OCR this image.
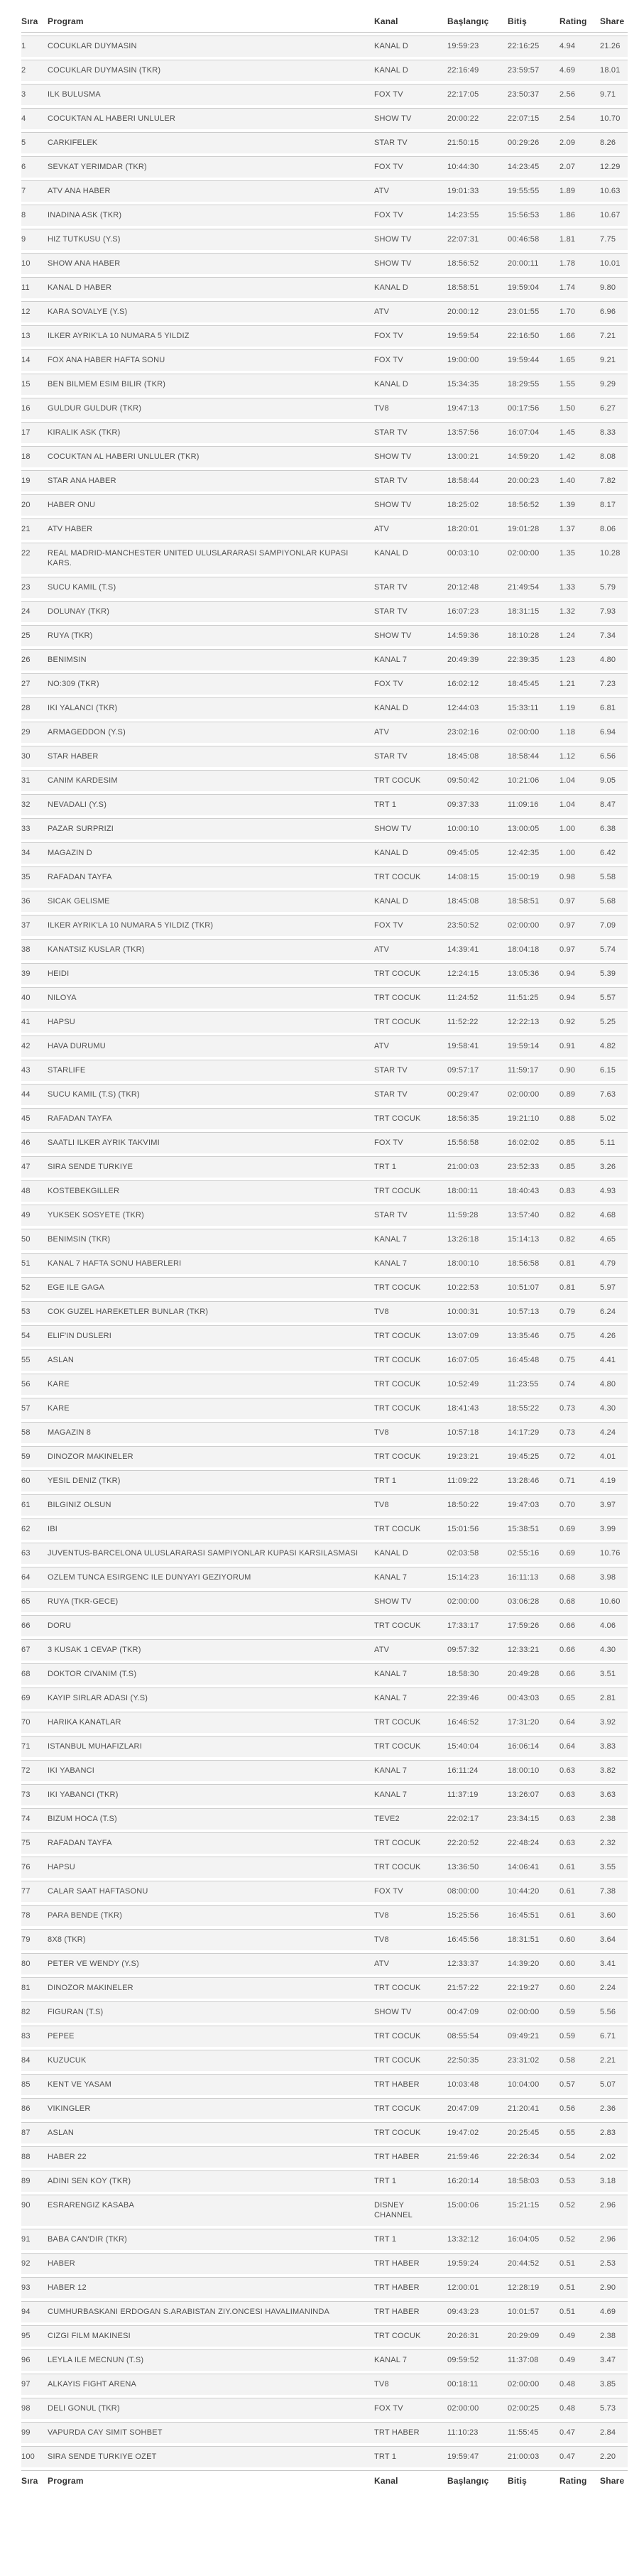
Sıra	Program	Kanal	Başlangıç	Bitiş	Rating	Share
1	COCUKLAR DUYMASIN	KANAL D	19:59:23	22:16:25	4.94	21.26
2	COCUKLAR DUYMASIN (TKR)	KANAL D	22:16:49	23:59:57	4.69	18.01
3	ILK BULUSMA	FOX TV	22:17:05	23:50:37	2.56	9.71
4	COCUKTAN AL HABERI UNLULER	SHOW TV	20:00:22	22:07:15	2.54	10.70
5	CARKIFELEK	STAR TV	21:50:15	00:29:26	2.09	8.26
6	SEVKAT YERIMDAR (TKR)	FOX TV	10:44:30	14:23:45	2.07	12.29
7	ATV ANA HABER	ATV	19:01:33	19:55:55	1.89	10.63
8	INADINA ASK (TKR)	FOX TV	14:23:55	15:56:53	1.86	10.67
9	HIZ TUTKUSU (Y.S)	SHOW TV	22:07:31	00:46:58	1.81	7.75
10	SHOW ANA HABER	SHOW TV	18:56:52	20:00:11	1.78	10.01
11	KANAL D HABER	KANAL D	18:58:51	19:59:04	1.74	9.80
12	KARA SOVALYE (Y.S)	ATV	20:00:12	23:01:55	1.70	6.96
13	ILKER AYRIK'LA 10 NUMARA 5 YILDIZ	FOX TV	19:59:54	22:16:50	1.66	7.21
14	FOX ANA HABER HAFTA SONU	FOX TV	19:00:00	19:59:44	1.65	9.21
15	BEN BILMEM ESIM BILIR (TKR)	KANAL D	15:34:35	18:29:55	1.55	9.29
16	GULDUR GULDUR (TKR)	TV8	19:47:13	00:17:56	1.50	6.27
17	KIRALIK ASK (TKR)	STAR TV	13:57:56	16:07:04	1.45	8.33
18	COCUKTAN AL HABERI UNLULER (TKR)	SHOW TV	13:00:21	14:59:20	1.42	8.08
19	STAR ANA HABER	STAR TV	18:58:44	20:00:23	1.40	7.82
20	HABER ONU	SHOW TV	18:25:02	18:56:52	1.39	8.17
21	ATV HABER	ATV	18:20:01	19:01:28	1.37	8.06
22	REAL MADRID-MANCHESTER UNITED ULUSLARARASI SAMPIYONLAR KUPASI KARS.	KANAL D	00:03:10	02:00:00	1.35	10.28
23	SUCU KAMIL (T.S)	STAR TV	20:12:48	21:49:54	1.33	5.79
24	DOLUNAY (TKR)	STAR TV	16:07:23	18:31:15	1.32	7.93
25	RUYA (TKR)	SHOW TV	14:59:36	18:10:28	1.24	7.34
26	BENIMSIN	KANAL 7	20:49:39	22:39:35	1.23	4.80
27	NO:309 (TKR)	FOX TV	16:02:12	18:45:45	1.21	7.23
28	IKI YALANCI (TKR)	KANAL D	12:44:03	15:33:11	1.19	6.81
29	ARMAGEDDON (Y.S)	ATV	23:02:16	02:00:00	1.18	6.94
30	STAR HABER	STAR TV	18:45:08	18:58:44	1.12	6.56
31	CANIM KARDESIM	TRT COCUK	09:50:42	10:21:06	1.04	9.05
32	NEVADALI (Y.S)	TRT 1	09:37:33	11:09:16	1.04	8.47
33	PAZAR SURPRIZI	SHOW TV	10:00:10	13:00:05	1.00	6.38
34	MAGAZIN D	KANAL D	09:45:05	12:42:35	1.00	6.42
35	RAFADAN TAYFA	TRT COCUK	14:08:15	15:00:19	0.98	5.58
36	SICAK GELISME	KANAL D	18:45:08	18:58:51	0.97	5.68
37	ILKER AYRIK'LA 10 NUMARA 5 YILDIZ (TKR)	FOX TV	23:50:52	02:00:00	0.97	7.09
38	KANATSIZ KUSLAR (TKR)	ATV	14:39:41	18:04:18	0.97	5.74
39	HEIDI	TRT COCUK	12:24:15	13:05:36	0.94	5.39
40	NILOYA	TRT COCUK	11:24:52	11:51:25	0.94	5.57
41	HAPSU	TRT COCUK	11:52:22	12:22:13	0.92	5.25
42	HAVA DURUMU	ATV	19:58:41	19:59:14	0.91	4.82
43	STARLIFE	STAR TV	09:57:17	11:59:17	0.90	6.15
44	SUCU KAMIL (T.S) (TKR)	STAR TV	00:29:47	02:00:00	0.89	7.63
45	RAFADAN TAYFA	TRT COCUK	18:56:35	19:21:10	0.88	5.02
46	SAATLI ILKER AYRIK TAKVIMI	FOX TV	15:56:58	16:02:02	0.85	5.11
47	SIRA SENDE TURKIYE	TRT 1	21:00:03	23:52:33	0.85	3.26
48	KOSTEBEKGILLER	TRT COCUK	18:00:11	18:40:43	0.83	4.93
49	YUKSEK SOSYETE (TKR)	STAR TV	11:59:28	13:57:40	0.82	4.68
50	BENIMSIN (TKR)	KANAL 7	13:26:18	15:14:13	0.82	4.65
51	KANAL 7 HAFTA SONU HABERLERI	KANAL 7	18:00:10	18:56:58	0.81	4.79
52	EGE ILE GAGA	TRT COCUK	10:22:53	10:51:07	0.81	5.97
53	COK GUZEL HAREKETLER BUNLAR (TKR)	TV8	10:00:31	10:57:13	0.79	6.24
54	ELIF'IN DUSLERI	TRT COCUK	13:07:09	13:35:46	0.75	4.26
55	ASLAN	TRT COCUK	16:07:05	16:45:48	0.75	4.41
56	KARE	TRT COCUK	10:52:49	11:23:55	0.74	4.80
57	KARE	TRT COCUK	18:41:43	18:55:22	0.73	4.30
58	MAGAZIN 8	TV8	10:57:18	14:17:29	0.73	4.24
59	DINOZOR MAKINELER	TRT COCUK	19:23:21	19:45:25	0.72	4.01
60	YESIL DENIZ (TKR)	TRT 1	11:09:22	13:28:46	0.71	4.19
61	BILGINIZ OLSUN	TV8	18:50:22	19:47:03	0.70	3.97
62	IBI	TRT COCUK	15:01:56	15:38:51	0.69	3.99
63	JUVENTUS-BARCELONA ULUSLARARASI SAMPIYONLAR KUPASI KARSILASMASI	KANAL D	02:03:58	02:55:16	0.69	10.76
64	OZLEM TUNCA ESIRGENC ILE DUNYAYI GEZIYORUM	KANAL 7	15:14:23	16:11:13	0.68	3.98
65	RUYA (TKR-GECE)	SHOW TV	02:00:00	03:06:28	0.68	10.60
66	DORU	TRT COCUK	17:33:17	17:59:26	0.66	4.06
67	3 KUSAK 1 CEVAP (TKR)	ATV	09:57:32	12:33:21	0.66	4.30
68	DOKTOR CIVANIM (T.S)	KANAL 7	18:58:30	20:49:28	0.66	3.51
69	KAYIP SIRLAR ADASI (Y.S)	KANAL 7	22:39:46	00:43:03	0.65	2.81
70	HARIKA KANATLAR	TRT COCUK	16:46:52	17:31:20	0.64	3.92
71	ISTANBUL MUHAFIZLARI	TRT COCUK	15:40:04	16:06:14	0.64	3.83
72	IKI YABANCI	KANAL 7	16:11:24	18:00:10	0.63	3.82
73	IKI YABANCI (TKR)	KANAL 7	11:37:19	13:26:07	0.63	3.63
74	BIZUM HOCA (T.S)	TEVE2	22:02:17	23:34:15	0.63	2.38
75	RAFADAN TAYFA	TRT COCUK	22:20:52	22:48:24	0.63	2.32
76	HAPSU	TRT COCUK	13:36:50	14:06:41	0.61	3.55
77	CALAR SAAT HAFTASONU	FOX TV	08:00:00	10:44:20	0.61	7.38
78	PARA BENDE (TKR)	TV8	15:25:56	16:45:51	0.61	3.60
79	8X8 (TKR)	TV8	16:45:56	18:31:51	0.60	3.64
80	PETER VE WENDY (Y.S)	ATV	12:33:37	14:39:20	0.60	3.41
81	DINOZOR MAKINELER	TRT COCUK	21:57:22	22:19:27	0.60	2.24
82	FIGURAN (T.S)	SHOW TV	00:47:09	02:00:00	0.59	5.56
83	PEPEE	TRT COCUK	08:55:54	09:49:21	0.59	6.71
84	KUZUCUK	TRT COCUK	22:50:35	23:31:02	0.58	2.21
85	KENT VE YASAM	TRT HABER	10:03:48	10:04:00	0.57	5.07
86	VIKINGLER	TRT COCUK	20:47:09	21:20:41	0.56	2.36
87	ASLAN	TRT COCUK	19:47:02	20:25:45	0.55	2.83
88	HABER 22	TRT HABER	21:59:46	22:26:34	0.54	2.02
89	ADINI SEN KOY (TKR)	TRT 1	16:20:14	18:58:03	0.53	3.18
90	ESRARENGIZ KASABA	DISNEY CHANNEL	15:00:06	15:21:15	0.52	2.96
91	BABA CAN'DIR (TKR)	TRT 1	13:32:12	16:04:05	0.52	2.96
92	HABER	TRT HABER	19:59:24	20:44:52	0.51	2.53
93	HABER 12	TRT HABER	12:00:01	12:28:19	0.51	2.90
94	CUMHURBASKANI ERDOGAN S.ARABISTAN ZIY.ONCESI HAVALIMANINDA	TRT HABER	09:43:23	10:01:57	0.51	4.69
95	CIZGI FILM MAKINESI	TRT COCUK	20:26:31	20:29:09	0.49	2.38
96	LEYLA ILE MECNUN (T.S)	KANAL 7	09:59:52	11:37:08	0.49	3.47
97	ALKAYIS FIGHT ARENA	TV8	00:18:11	02:00:00	0.48	3.85
98	DELI GONUL (TKR)	FOX TV	02:00:00	02:00:25	0.48	5.73
99	VAPURDA CAY SIMIT SOHBET	TRT HABER	11:10:23	11:55:45	0.47	2.84
100	SIRA SENDE TURKIYE OZET	TRT 1	19:59:47	21:00:03	0.47	2.20
Sıra	Program	Kanal	Başlangıç	Bitiş	Rating	Share
